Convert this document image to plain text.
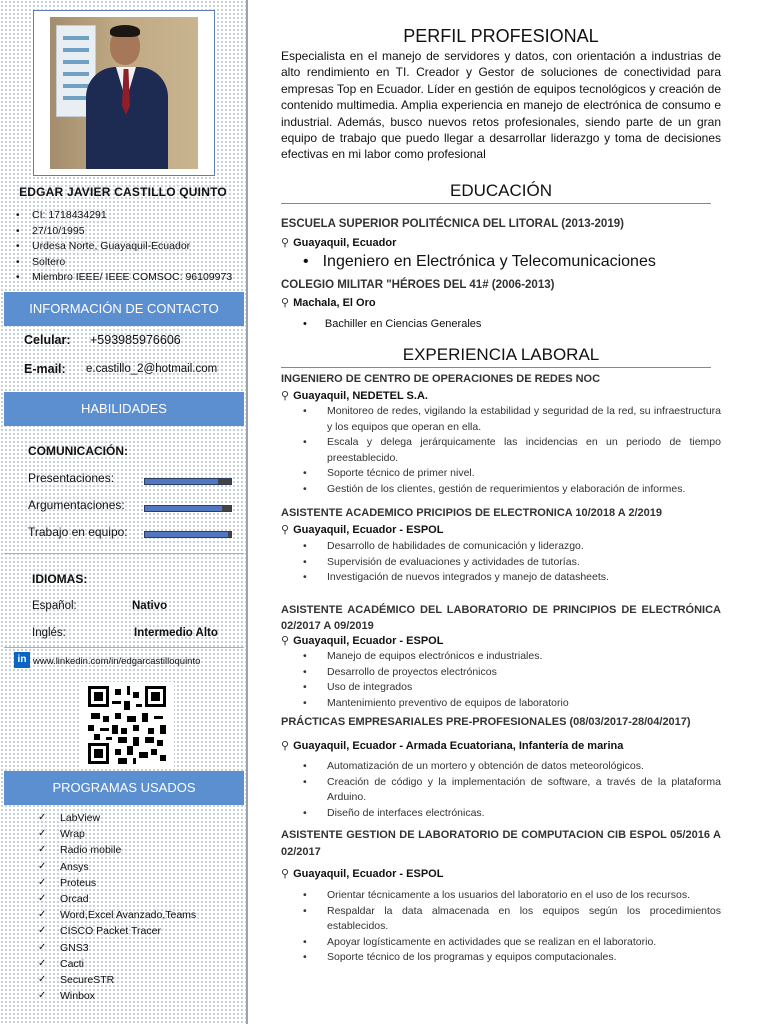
EDGAR JAVIER CASTILLO QUINTO
• CI: 1718434291
• 27/10/1995
• Urdesa Norte, Guayaquil-Ecuador
• Soltero
• Miembro IEEE/ IEEE COMSOC: 96109973
INFORMACIÓN DE CONTACTO
Celular: +593985976606
E-mail: e.castillo_2@hotmail.com
HABILIDADES
COMUNICACIÓN:
Presentaciones:
Argumentaciones:
Trabajo en equipo:
IDIOMAS:
Español:	Nativo
Inglés:	Intermedio Alto
in www.linkedin.com/in/edgarcastilloquinto
PROGRAMAS USADOS
✓ LabView
✓ Wrap
✓ Radio mobile
✓ Ansys
✓ Proteus
✓ Orcad
✓ Word,Excel Avanzado,Teams
✓ CISCO Packet Tracer
✓ GNS3
✓ Cacti
✓ SecureSTR
✓ Winbox
PERFIL PROFESIONAL

Especialista en el manejo de servidores y datos, con orientación a industrias de alto rendimiento en TI. Creador y Gestor de soluciones de conectividad para empresas Top en Ecuador. Líder en gestión de equipos tecnológicos y creación de contenido multimedia. Amplia experiencia en manejo de electrónica de consumo e industrial. Además, busco nuevos retos profesionales, siendo parte de un gran equipo de trabajo que puedo llegar a desarrollar liderazgo y toma de decisiones efectivas en mi labor como profesional

EDUCACIÓN
ESCUELA SUPERIOR POLITÉCNICA DEL LITORAL (2013-2019)
⚲ Guayaquil, Ecuador
• Ingeniero en Electrónica y Telecomunicaciones
COLEGIO MILITAR "HÉROES DEL 41# (2006-2013)
⚲ Machala, El Oro
• Bachiller en Ciencias Generales
EXPERIENCIA LABORAL
INGENIERO DE CENTRO DE OPERACIONES DE REDES NOC
⚲ Guayaquil, NEDETEL S.A.
• Monitoreo de redes, vigilando la estabilidad y seguridad de la red, su infraestructura y los equipos que operan en ella.
• Escala y delega jerárquicamente las incidencias en un periodo de tiempo preestablecido.
• Soporte técnico de primer nivel.
• Gestión de los clientes, gestión de requerimientos y elaboración de informes.
ASISTENTE ACADEMICO PRICIPIOS DE ELECTRONICA 10/2018 A 2/2019
⚲ Guayaquil, Ecuador - ESPOL
• Desarrollo de habilidades de comunicación y liderazgo.
• Supervisión de evaluaciones y actividades de tutorías.
• Investigación de nuevos integrados y manejo de datasheets.
ASISTENTE ACADÉMICO DEL LABORATORIO DE PRINCIPIOS DE ELECTRÓNICA 02/2017 A 09/2019
⚲ Guayaquil, Ecuador - ESPOL
• Manejo de equipos electrónicos e industriales.
• Desarrollo de proyectos electrónicos
• Uso de integrados
• Mantenimiento preventivo de equipos de laboratorio
PRÁCTICAS EMPRESARIALES PRE-PROFESIONALES (08/03/2017-28/04/2017)
⚲ Guayaquil, Ecuador - Armada Ecuatoriana, Infantería de marina
• Automatización de un mortero y obtención de datos meteorológicos.
• Creación de código y la implementación de software, a través de la plataforma Arduino.
• Diseño de interfaces electrónicas.
ASISTENTE GESTION DE LABORATORIO DE COMPUTACION CIB ESPOL 05/2016 A 02/2017
⚲ Guayaquil, Ecuador - ESPOL
• Orientar técnicamente a los usuarios del laboratorio en el uso de los recursos.
• Respaldar la data almacenada en los equipos según los procedimientos establecidos.
• Apoyar logísticamente en actividades que se realizan en el laboratorio.
• Soporte técnico de los programas y equipos computacionales.
